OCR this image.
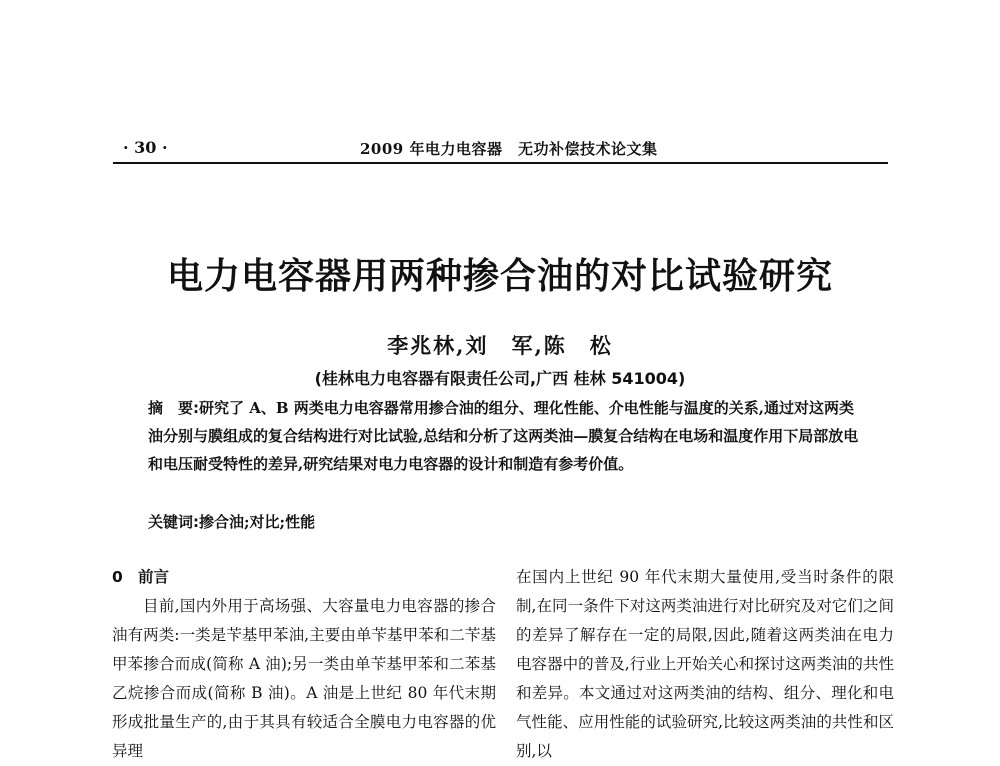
· 30 ·	2009 年电力电容器　无功补偿技术论文集
电力电容器用两种掺合油的对比试验研究
李兆林,刘　军,陈　松
(桂林电力电容器有限责任公司,广西 桂林 541004)
摘　要:研究了 A、B 两类电力电容器常用掺合油的组分、理化性能、介电性能与温度的关系,通过对这两类油分别与膜组成的复合结构进行对比试验,总结和分析了这两类油—膜复合结构在电场和温度作用下局部放电和电压耐受特性的差异,研究结果对电力电容器的设计和制造有参考价值。
关键词:掺合油;对比;性能

0 前言

目前,国内外用于高场强、大容量电力电容器的掺合油有两类:一类是苄基甲苯油,主要由单苄基甲苯和二苄基甲苯掺合而成(简称 A 油);另一类由单苄基甲苯和二苯基乙烷掺合而成(简称 B 油)。A 油是上世纪 80 年代末期形成批量生产的,由于其具有较适合全膜电力电容器的优异理

在国内上世纪 90 年代末期大量使用,受当时条件的限制,在同一条件下对这两类油进行对比研究及对它们之间的差异了解存在一定的局限,因此,随着这两类油在电力电容器中的普及,行业上开始关心和探讨这两类油的共性和差异。本文通过对这两类油的结构、组分、理化和电气性能、应用性能的试验研究,比较这两类油的共性和区别,以
